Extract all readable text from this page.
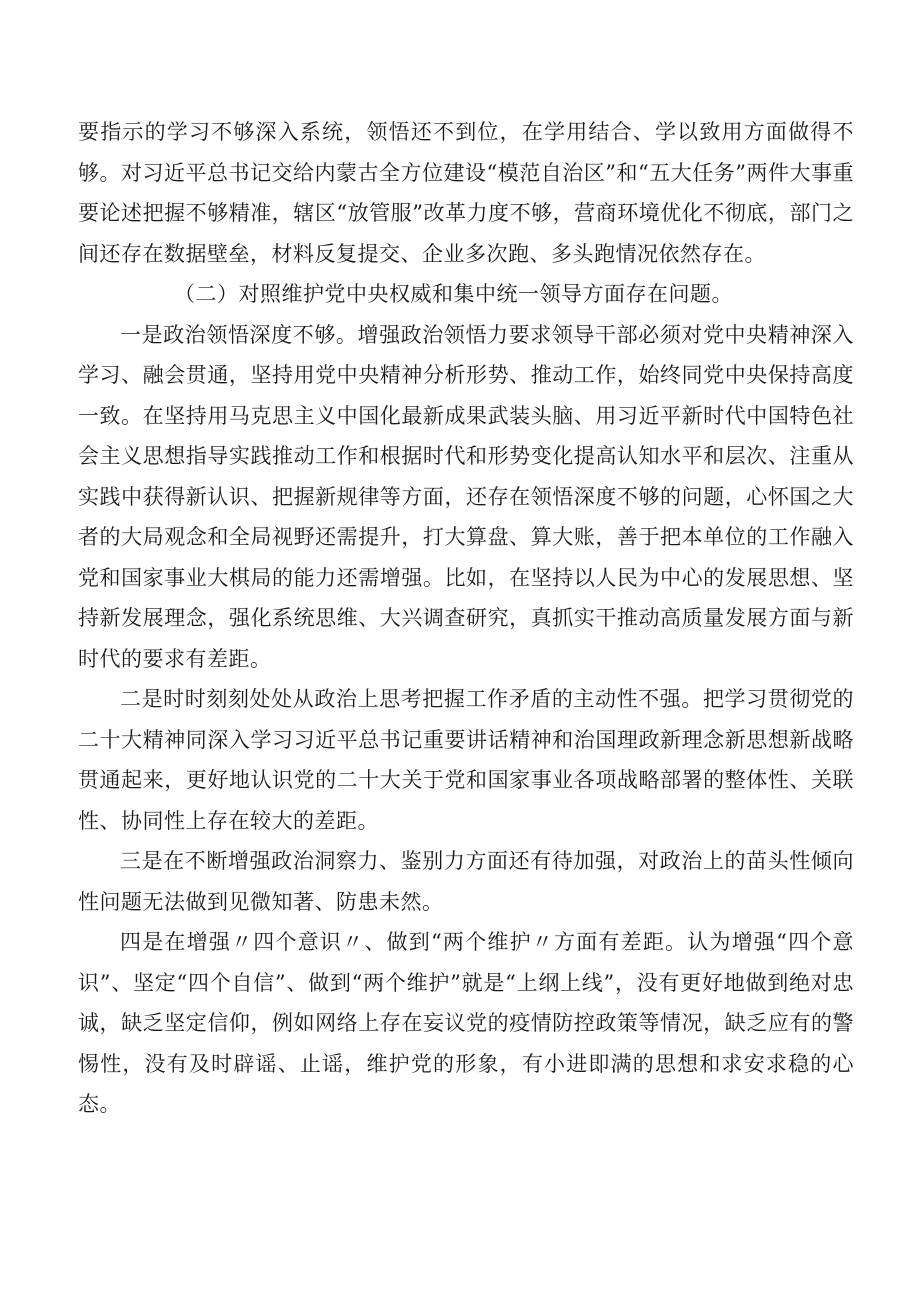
要指示的学习不够深入系统，领悟还不到位，在学用结合、学以致用方面做得不够。对习近平总书记交给内蒙古全方位建设“模范自治区”和“五大任务”两件大事重要论述把握不够精准，辖区“放管服”改革力度不够，营商环境优化不彻底，部门之间还存在数据壁垒，材料反复提交、企业多次跑、多头跑情况依然存在。

（二）对照维护党中央权威和集中统一领导方面存在问题。

一是政治领悟深度不够。增强政治领悟力要求领导干部必须对党中央精神深入学习、融会贯通，坚持用党中央精神分析形势、推动工作，始终同党中央保持高度一致。在坚持用马克思主义中国化最新成果武装头脑、用习近平新时代中国特色社会主义思想指导实践推动工作和根据时代和形势变化提高认知水平和层次、注重从实践中获得新认识、把握新规律等方面，还存在领悟深度不够的问题，心怀国之大者的大局观念和全局视野还需提升，打大算盘、算大账，善于把本单位的工作融入党和国家事业大棋局的能力还需增强。比如，在坚持以人民为中心的发展思想、坚持新发展理念，强化系统思维、大兴调查研究，真抓实干推动高质量发展方面与新时代的要求有差距。

二是时时刻刻处处从政治上思考把握工作矛盾的主动性不强。把学习贯彻党的二十大精神同深入学习习近平总书记重要讲话精神和治国理政新理念新思想新战略贯通起来，更好地认识党的二十大关于党和国家事业各项战略部署的整体性、关联性、协同性上存在较大的差距。

三是在不断增强政治洞察力、鉴别力方面还有待加强，对政治上的苗头性倾向性问题无法做到见微知著、防患未然。

四是在增强〃四个意识〃、做到“两个维护〃方面有差距。认为增强“四个意识”、坚定“四个自信”、做到“两个维护”就是“上纲上线”，没有更好地做到绝对忠诚，缺乏坚定信仰，例如网络上存在妄议党的疫情防控政策等情况，缺乏应有的警惕性，没有及时辟谣、止谣，维护党的形象，有小进即满的思想和求安求稳的心态。
